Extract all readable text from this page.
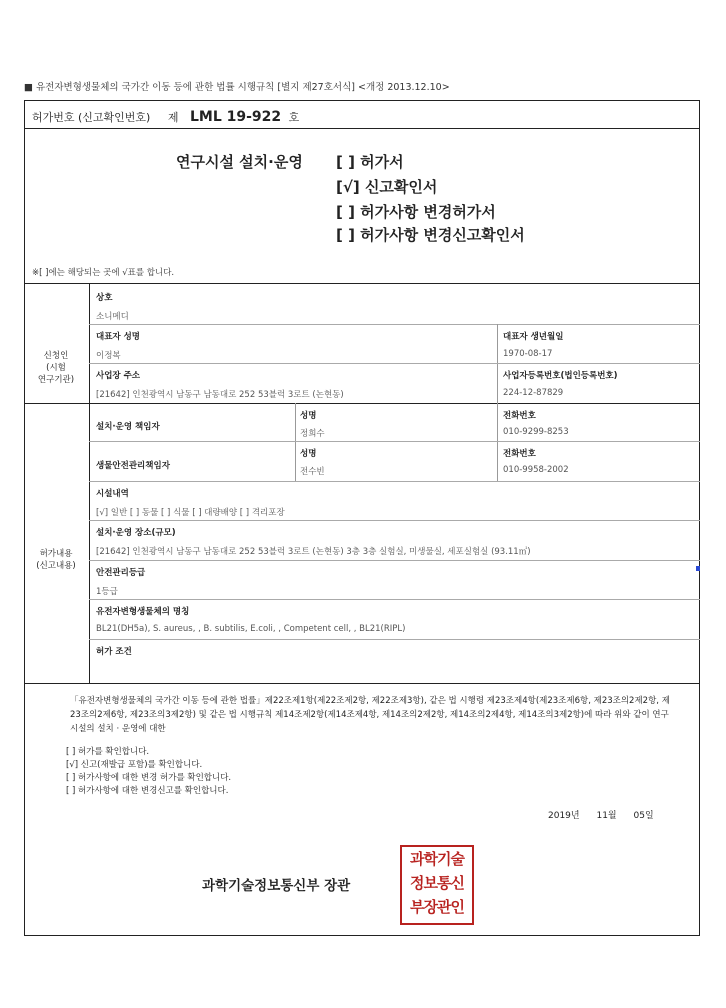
■ 유전자변형생물체의 국가간 이동 등에 관한 법률 시행규칙 [별지 제27호서식] <개정 2013.12.10>
허가번호 (신고확인번호) 제 LML 19-922 호
연구시설 설치·운영 [ ] 허가서
[√] 신고확인서
[ ] 허가사항 변경허가서
[ ] 허가사항 변경신고확인서
※[ ]에는 해당되는 곳에 √표를 합니다.
신청인
(시험
연구기관)
상호
소니메디
대표자 성명
이정복
대표자 생년월일
1970-08-17
사업장 주소
[21642] 인천광역시 남동구 남동대로 252 53블럭 3로트 (논현동)
사업자등록번호(법인등록번호)
224-12-87829
허가내용
(신고내용)
설치·운영 책임자
성명
정희수
전화번호
010-9299-8253
생물안전관리책임자
성명
전수빈
전화번호
010-9958-2002
시설내역
[√] 일반 [ ] 동물 [ ] 식물 [ ] 대량배양 [ ] 격리포장
설치·운영 장소(규모)
[21642] 인천광역시 남동구 남동대로 252 53블럭 3로트 (논현동) 3층 3층 실험실, 미생물실, 세포실험실 (93.11㎡)
안전관리등급
1등급
유전자변형생물체의 명칭
BL21(DH5a), S. aureus, , B. subtilis, E.coli, , Competent cell, , BL21(RIPL)
허가 조건
「유전자변형생물체의 국가간 이동 등에 관한 법률」제22조제1항(제22조제2항, 제22조제3항), 같은 법 시행령 제23조제4항(제23조제6항, 제23조의2제2항, 제23조의2제6항, 제23조의3제2항) 및 같은 법 시행규칙 제14조제2항(제14조제4항, 제14조의2제2항, 제14조의2제4항, 제14조의3제2항)에 따라 위와 같이 연구시설의 설치 · 운영에 대한
[ ] 허가를 확인합니다.
[√] 신고(재발급 포함)를 확인합니다.
[ ] 허가사항에 대한 변경 허가를 확인합니다.
[ ] 허가사항에 대한 변경신고를 확인합니다.
2019년 11월 05일
과학기술정보통신부 장관
과학기술
정보통신
부장관인
